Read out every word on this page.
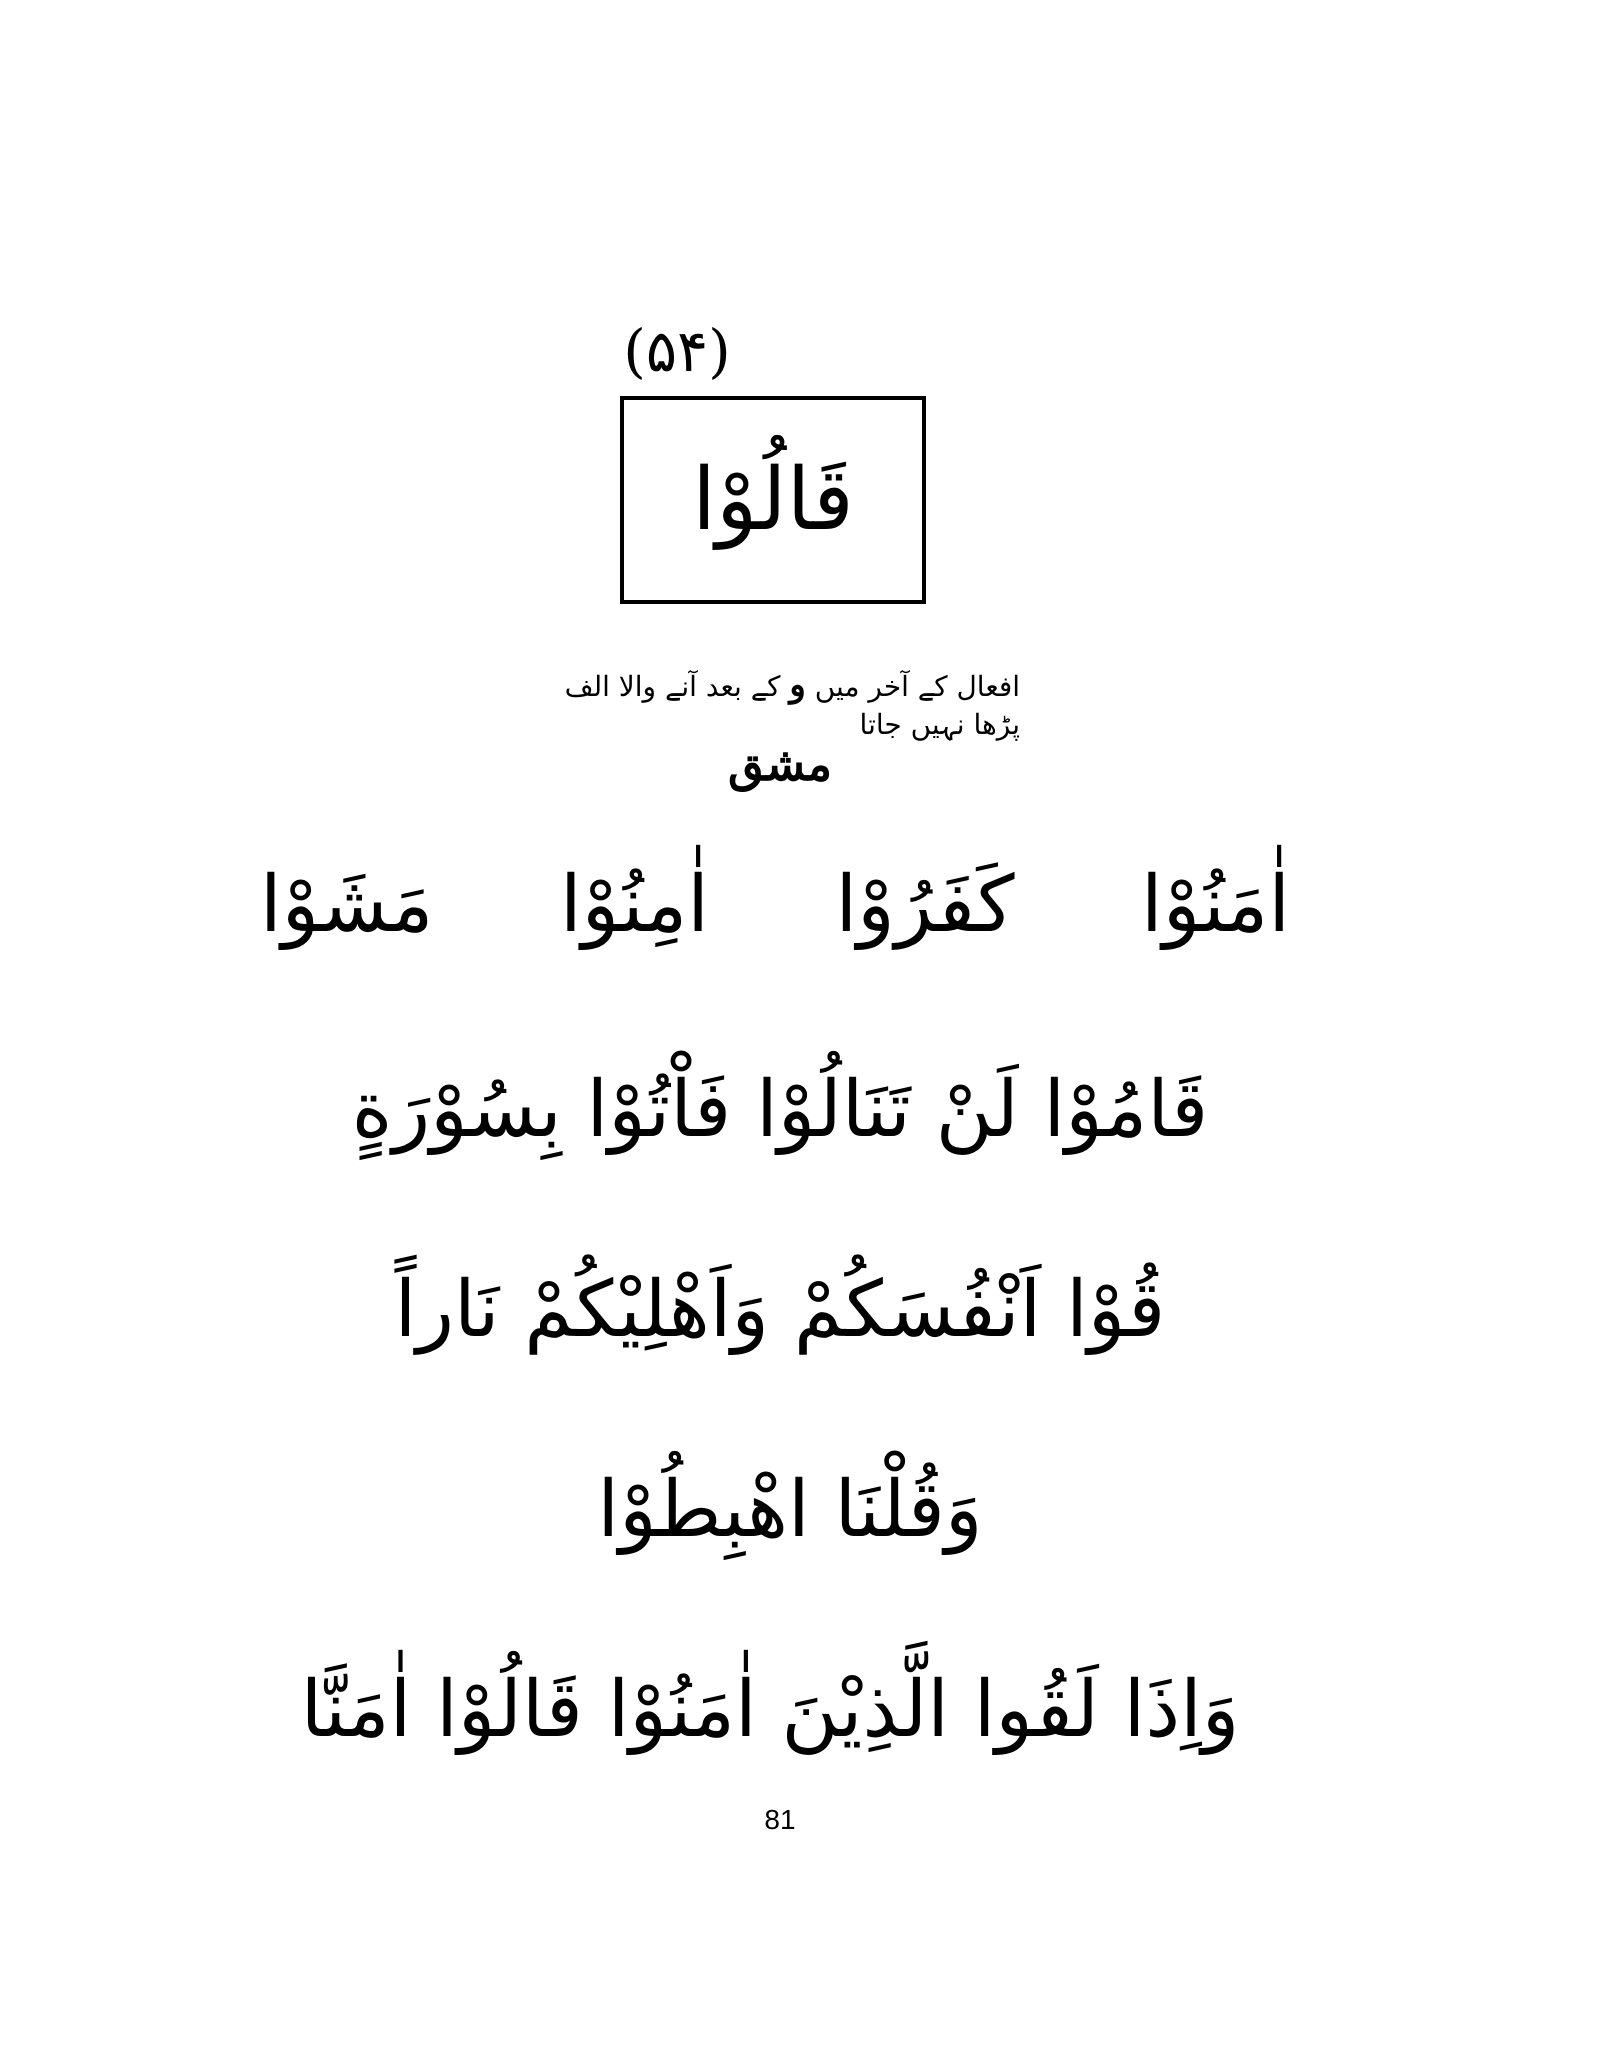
(۵۴)
قَالُوْا
افعال کے آخر میں و کے بعد آنے والا الف پڑھا نہیں جاتا
مشق
اٰمَنُوْا
کَفَرُوْا
اٰمِنُوْا
مَشَوْا
قَامُوْا لَنْ تَنَالُوْا فَاْتُوْا بِسُوْرَةٍ
قُوْا اَنْفُسَکُمْ وَاَهْلِيْکُمْ نَاراً
وَقُلْنَا اهْبِطُوْا
وَاِذَا لَقُوا الَّذِيْنَ اٰمَنُوْا قَالُوْا اٰمَنَّا
81
